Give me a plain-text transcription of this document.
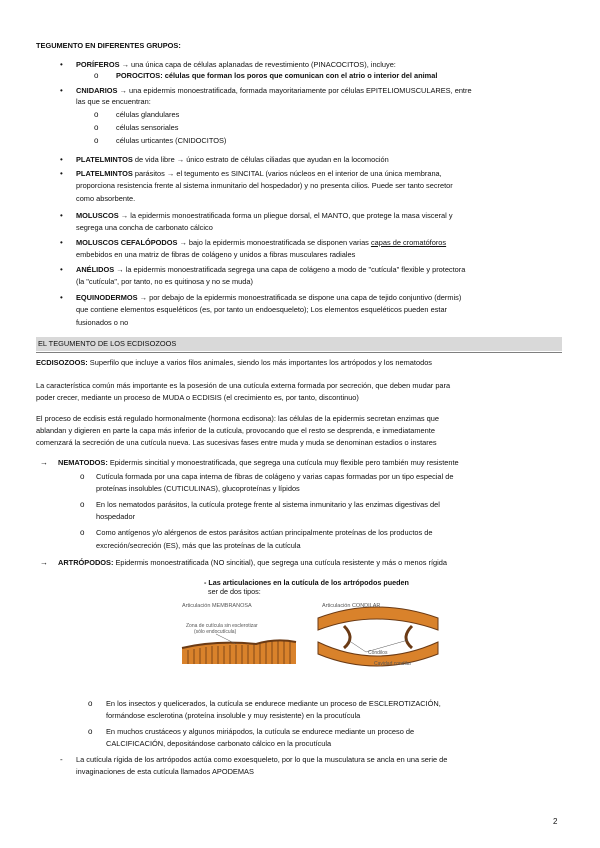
TEGUMENTO EN DIFERENTES GRUPOS:
• PORÍFEROS → una única capa de células aplanadas de revestimiento (PINACOCITOS), incluye:
o POROCITOS: células que forman los poros que comunican con el atrio o interior del animal
• CNIDARIOS → una epidermis monoestratificada, formada mayoritariamente por células EPITELIOMUSCULARES, entre
las que se encuentran:
o células glandulares
o células sensoriales
o células urticantes (CNIDOCITOS)
• PLATELMINTOS de vida libre → único estrato de células ciliadas que ayudan en la locomoción
• PLATELMINTOS parásitos → el tegumento es SINCITAL (varios núcleos en el interior de una única membrana,
proporciona resistencia frente al sistema inmunitario del hospedador) y no presenta cilios. Puede ser tanto secretor
como absorbente.
• MOLUSCOS → la epidermis monoestratificada forma un pliegue dorsal, el MANTO, que protege la masa visceral y
segrega una concha de carbonato cálcico
• MOLUSCOS CEFALÓPODOS → bajo la epidermis monoestratificada se disponen varias capas de cromatóforos
embebidos en una matriz de fibras de colágeno y unidos a fibras musculares radiales
• ANÉLIDOS → la epidermis monoestratificada segrega una capa de colágeno a modo de "cutícula" flexible y protectora
(la "cutícula", por tanto, no es quitinosa y no se muda)
• EQUINODERMOS → por debajo de la epidermis monoestratificada se dispone una capa de tejido conjuntivo (dermis)
que contiene elementos esqueléticos (es, por tanto un endoesqueleto); Los elementos esqueléticos pueden estar
fusionados o no
EL TEGUMENTO DE LOS ECDISOZOOS
ECDISOZOOS: Superfilo que incluye a varios filos animales, siendo los más importantes los artrópodos y los nematodos
La característica común más importante es la posesión de una cutícula externa formada por secreción, que deben mudar para
poder crecer, mediante un proceso de MUDA o ECDISIS (el crecimiento es, por tanto, discontinuo)
El proceso de ecdisis está regulado hormonalmente (hormona ecdisona): las células de la epidermis secretan enzimas que
ablandan y digieren en parte la capa más inferior de la cutícula, provocando que el resto se desprenda, e inmediatamente
comenzará la secreción de una cutícula nueva. Las sucesivas fases entre muda y muda se denominan estadios o instares
→ NEMATODOS: Epidermis sincitial y monoestratificada, que segrega una cutícula muy flexible pero también muy resistente
o Cutícula formada por una capa interna de fibras de colágeno y varias capas formadas por un tipo especial de
proteínas insolubles (CUTICULINAS), glucoproteínas y lípidos
o En los nematodos parásitos, la cutícula protege frente al sistema inmunitario y las enzimas digestivas del
hospedador
o Como antígenos y/o alérgenos de estos parásitos actúan principalmente proteínas de los productos de
excreción/secreción (ES), más que las proteínas de la cutícula
→ ARTRÓPODOS: Epidermis monoestratificada (NO sincitial), que segrega una cutícula resistente y más o menos rígida
- Las articulaciones en la cutícula de los artrópodos pueden
ser de dos tipos:
Articulación MEMBRANOSA
Zona de cutícula sin esclerotizar
(sólo endocutícula)
Articulación CONDILAR
Cóndilos
Cavidad condilar
o En los insectos y quelicerados, la cutícula se endurece mediante un proceso de ESCLEROTIZACIÓN,
formándose esclerotina (proteína insoluble y muy resistente) en la procutícula
o En muchos crustáceos y algunos miriápodos, la cutícula se endurece mediante un proceso de
CALCIFICACIÓN, depositándose carbonato cálcico en la procutícula
- La cutícula rígida de los artrópodos actúa como exoesqueleto, por lo que la musculatura se ancla en una serie de
invaginaciones de esta cutícula llamados APODEMAS
2
